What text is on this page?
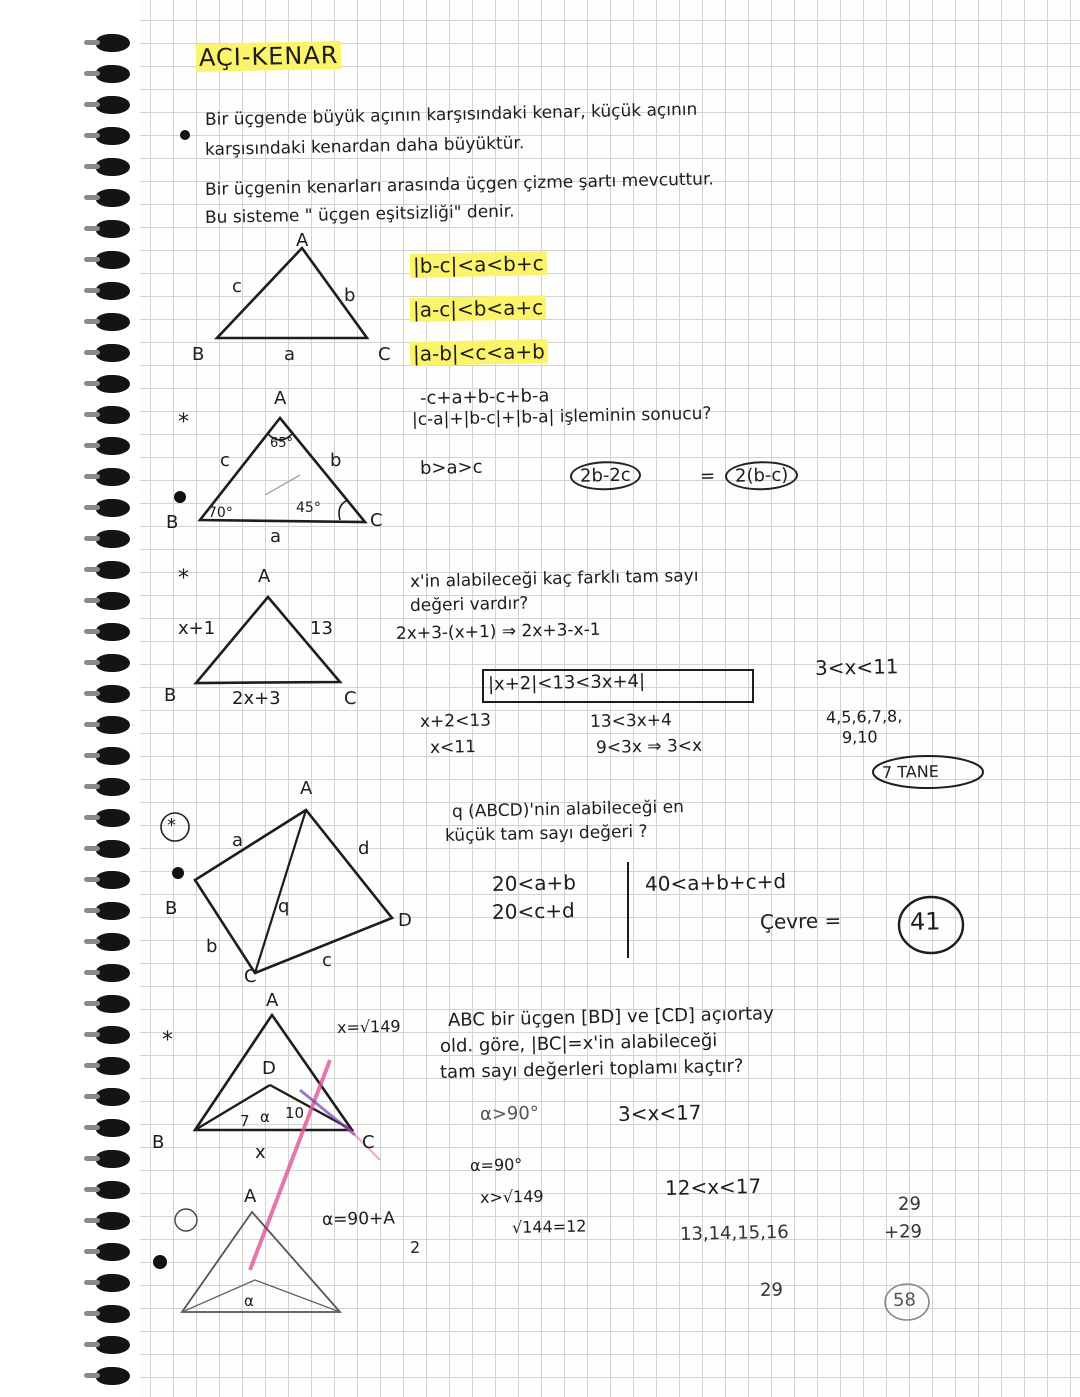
AÇI-KENAR
Bir üçgende büyük açının karşısındaki kenar, küçük açının
karşısındaki kenardan daha büyüktür.
Bir üçgenin kenarları arasında üçgen çizme şartı mevcuttur.
Bu sisteme " üçgen eşitsizliği" denir.
A
B	C
a
b
c
|b-c|<a<b+c
|a-c|<b<a+c
|a-b|<c<a+b
*
A
B	C
a
b
c
65°
70°	45°
-c+a+b-c+b-a
|c-a|+|b-c|+|b-a| işleminin sonucu?
b>a>c	2b-2c	=	2(b-c)
*	A
B	C
x+1	13
2x+3
x'in alabileceği kaç farklı tam sayı
değeri vardır?
2x+3-(x+1) ⇒ 2x+3-x-1
|x+2|<13<3x+4|
x+2<13	13<3x+4
x<11	9<3x ⇒ 3<x
3<x<11
4,5,6,7,8,
9,10
7 TANE
*
A
B
C
D
a
b
c
d
q
q (ABCD)'nin alabileceği en
küçük tam sayı değeri ?
20<a+b
20<c+d
40<a+b+c+d
Çevre =	41
*
A
B	C
D
x
7 10
α
x=√149	ABC bir üçgen [BD] ve [CD] açıortay
old. göre, |BC|=x'in alabileceği
tam sayı değerleri toplamı kaçtır?
α>90°	3<x<17
α=90°
x>√149
√144=12
12<x<17
13,14,15,16
29
29
+29
58
A
α
α=90+A
2
